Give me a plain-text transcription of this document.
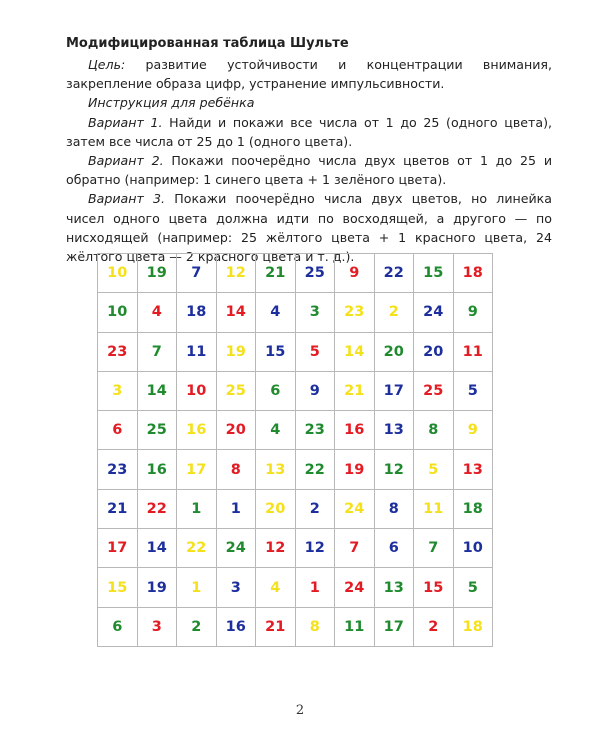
Модифицированная таблица Шульте

Цель: развитие устойчивости и концентрации внимания, закрепление образа цифр, устранение импульсивности.

Инструкция для ребёнка

Вариант 1. Найди и покажи все числа от 1 до 25 (одного цвета), затем все числа от 25 до 1 (одного цвета).

Вариант 2. Покажи поочерёдно числа двух цветов от 1 до 25 и обратно (например: 1 синего цвета + 1 зелёного цвета).

Вариант 3. Покажи поочерёдно числа двух цветов, но линейка чисел одного цвета должна идти по восходящей, а другого — по нисходящей (например: 25 жёлтого цвета + 1 красного цвета, 24 жёлтого цвета — 2 красного цвета и т. д.).

10	19	7	12	21	25	9	22	15	18
10	4	18	14	4	3	23	2	24	9
23	7	11	19	15	5	14	20	20	11
3	14	10	25	6	9	21	17	25	5
6	25	16	20	4	23	16	13	8	9
23	16	17	8	13	22	19	12	5	13
21	22	1	1	20	2	24	8	11	18
17	14	22	24	12	12	7	6	7	10
15	19	1	3	4	1	24	13	15	5
6	3	2	16	21	8	11	17	2	18
2
